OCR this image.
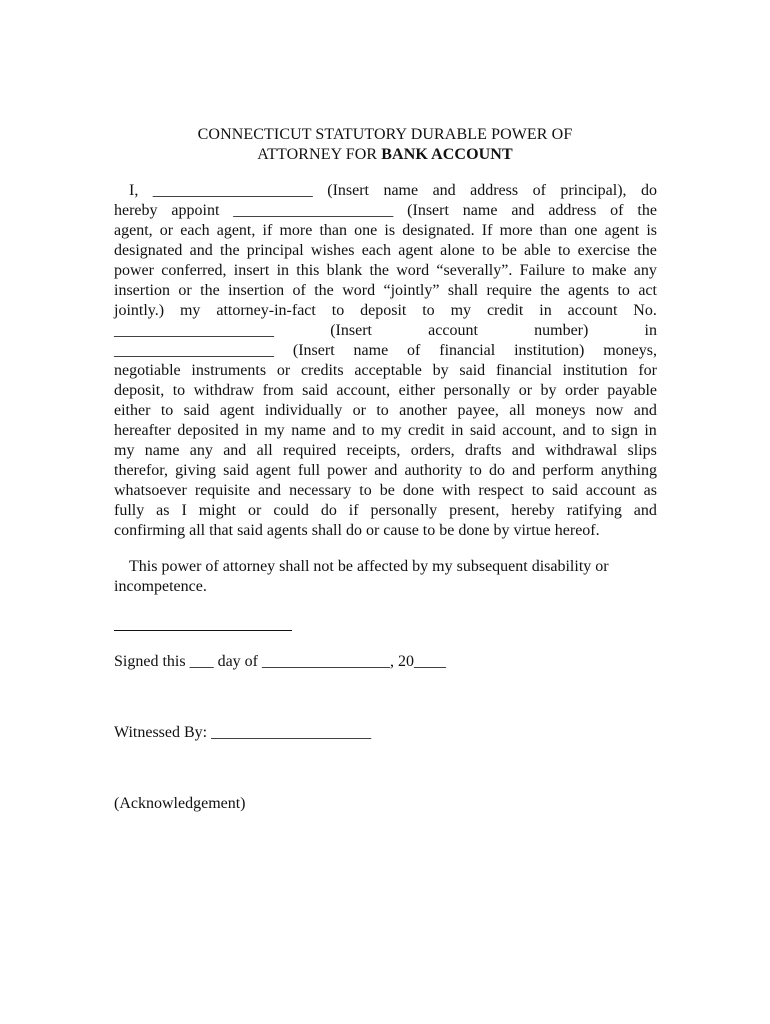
CONNECTICUT STATUTORY DURABLE POWER OF
ATTORNEY FOR BANK ACCOUNT
I, ____________________ (Insert name and address of principal), do
hereby appoint ____________________ (Insert name and address of the
agent, or each agent, if more than one is designated. If more than one agent is
designated and the principal wishes each agent alone to be able to exercise the
power conferred, insert in this blank the word “severally”. Failure to make any
insertion or the insertion of the word “jointly” shall require the agents to act
jointly.) my attorney-in-fact to deposit to my credit in account No.
____________________	(Insert	account	number)	in
____________________ (Insert name of financial institution) moneys,
negotiable instruments or credits acceptable by said financial institution for
deposit, to withdraw from said account, either personally or by order payable
either to said agent individually or to another payee, all moneys now and
hereafter deposited in my name and to my credit in said account, and to sign in
my name any and all required receipts, orders, drafts and withdrawal slips
therefor, giving said agent full power and authority to do and perform anything
whatsoever requisite and necessary to be done with respect to said account as
fully as I might or could do if personally present, hereby ratifying and
confirming all that said agents shall do or cause to be done by virtue hereof.
This power of attorney shall not be affected by my subsequent disability or
incompetence.
Signed this ___ day of ________________, 20____
Witnessed By: ____________________
(Acknowledgement)
